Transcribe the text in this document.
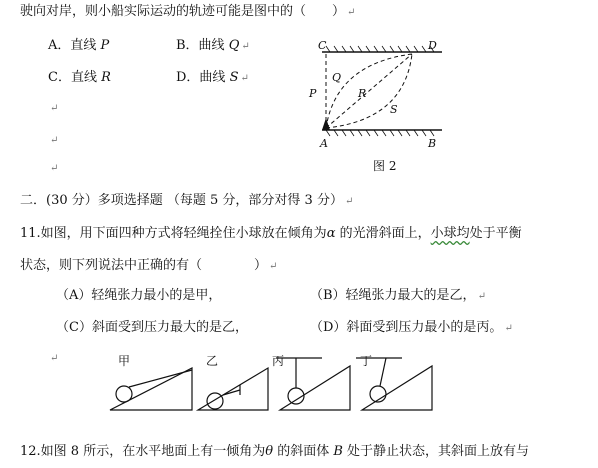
驶向对岸，则小船实际运动的轨迹可能是图中的（　　） ↵
A．直线 P	B．曲线 Q ↵
C．直线 R	D．曲线 S ↵
↵
↵
↵
C	D
Q
P	R
S
A	B
图 2
二．(30 分）多项选择题 （每题 5 分，部分对得 3 分） ↵
11.如图，用下面四种方式将轻绳拴住小球放在倾角为α 的光滑斜面上，小球均处于平衡
状态，则下列说法中正确的有（　　　　） ↵
（A）轻绳张力最小的是甲，	（B）轻绳张力最大的是乙， ↵
（C）斜面受到压力最大的是乙，	（D）斜面受到压力最小的是丙。 ↵
↵	甲	乙	丙	丁
12.如图 8 所示，在水平地面上有一倾角为θ 的斜面体 B 处于静止状态，其斜面上放有与
